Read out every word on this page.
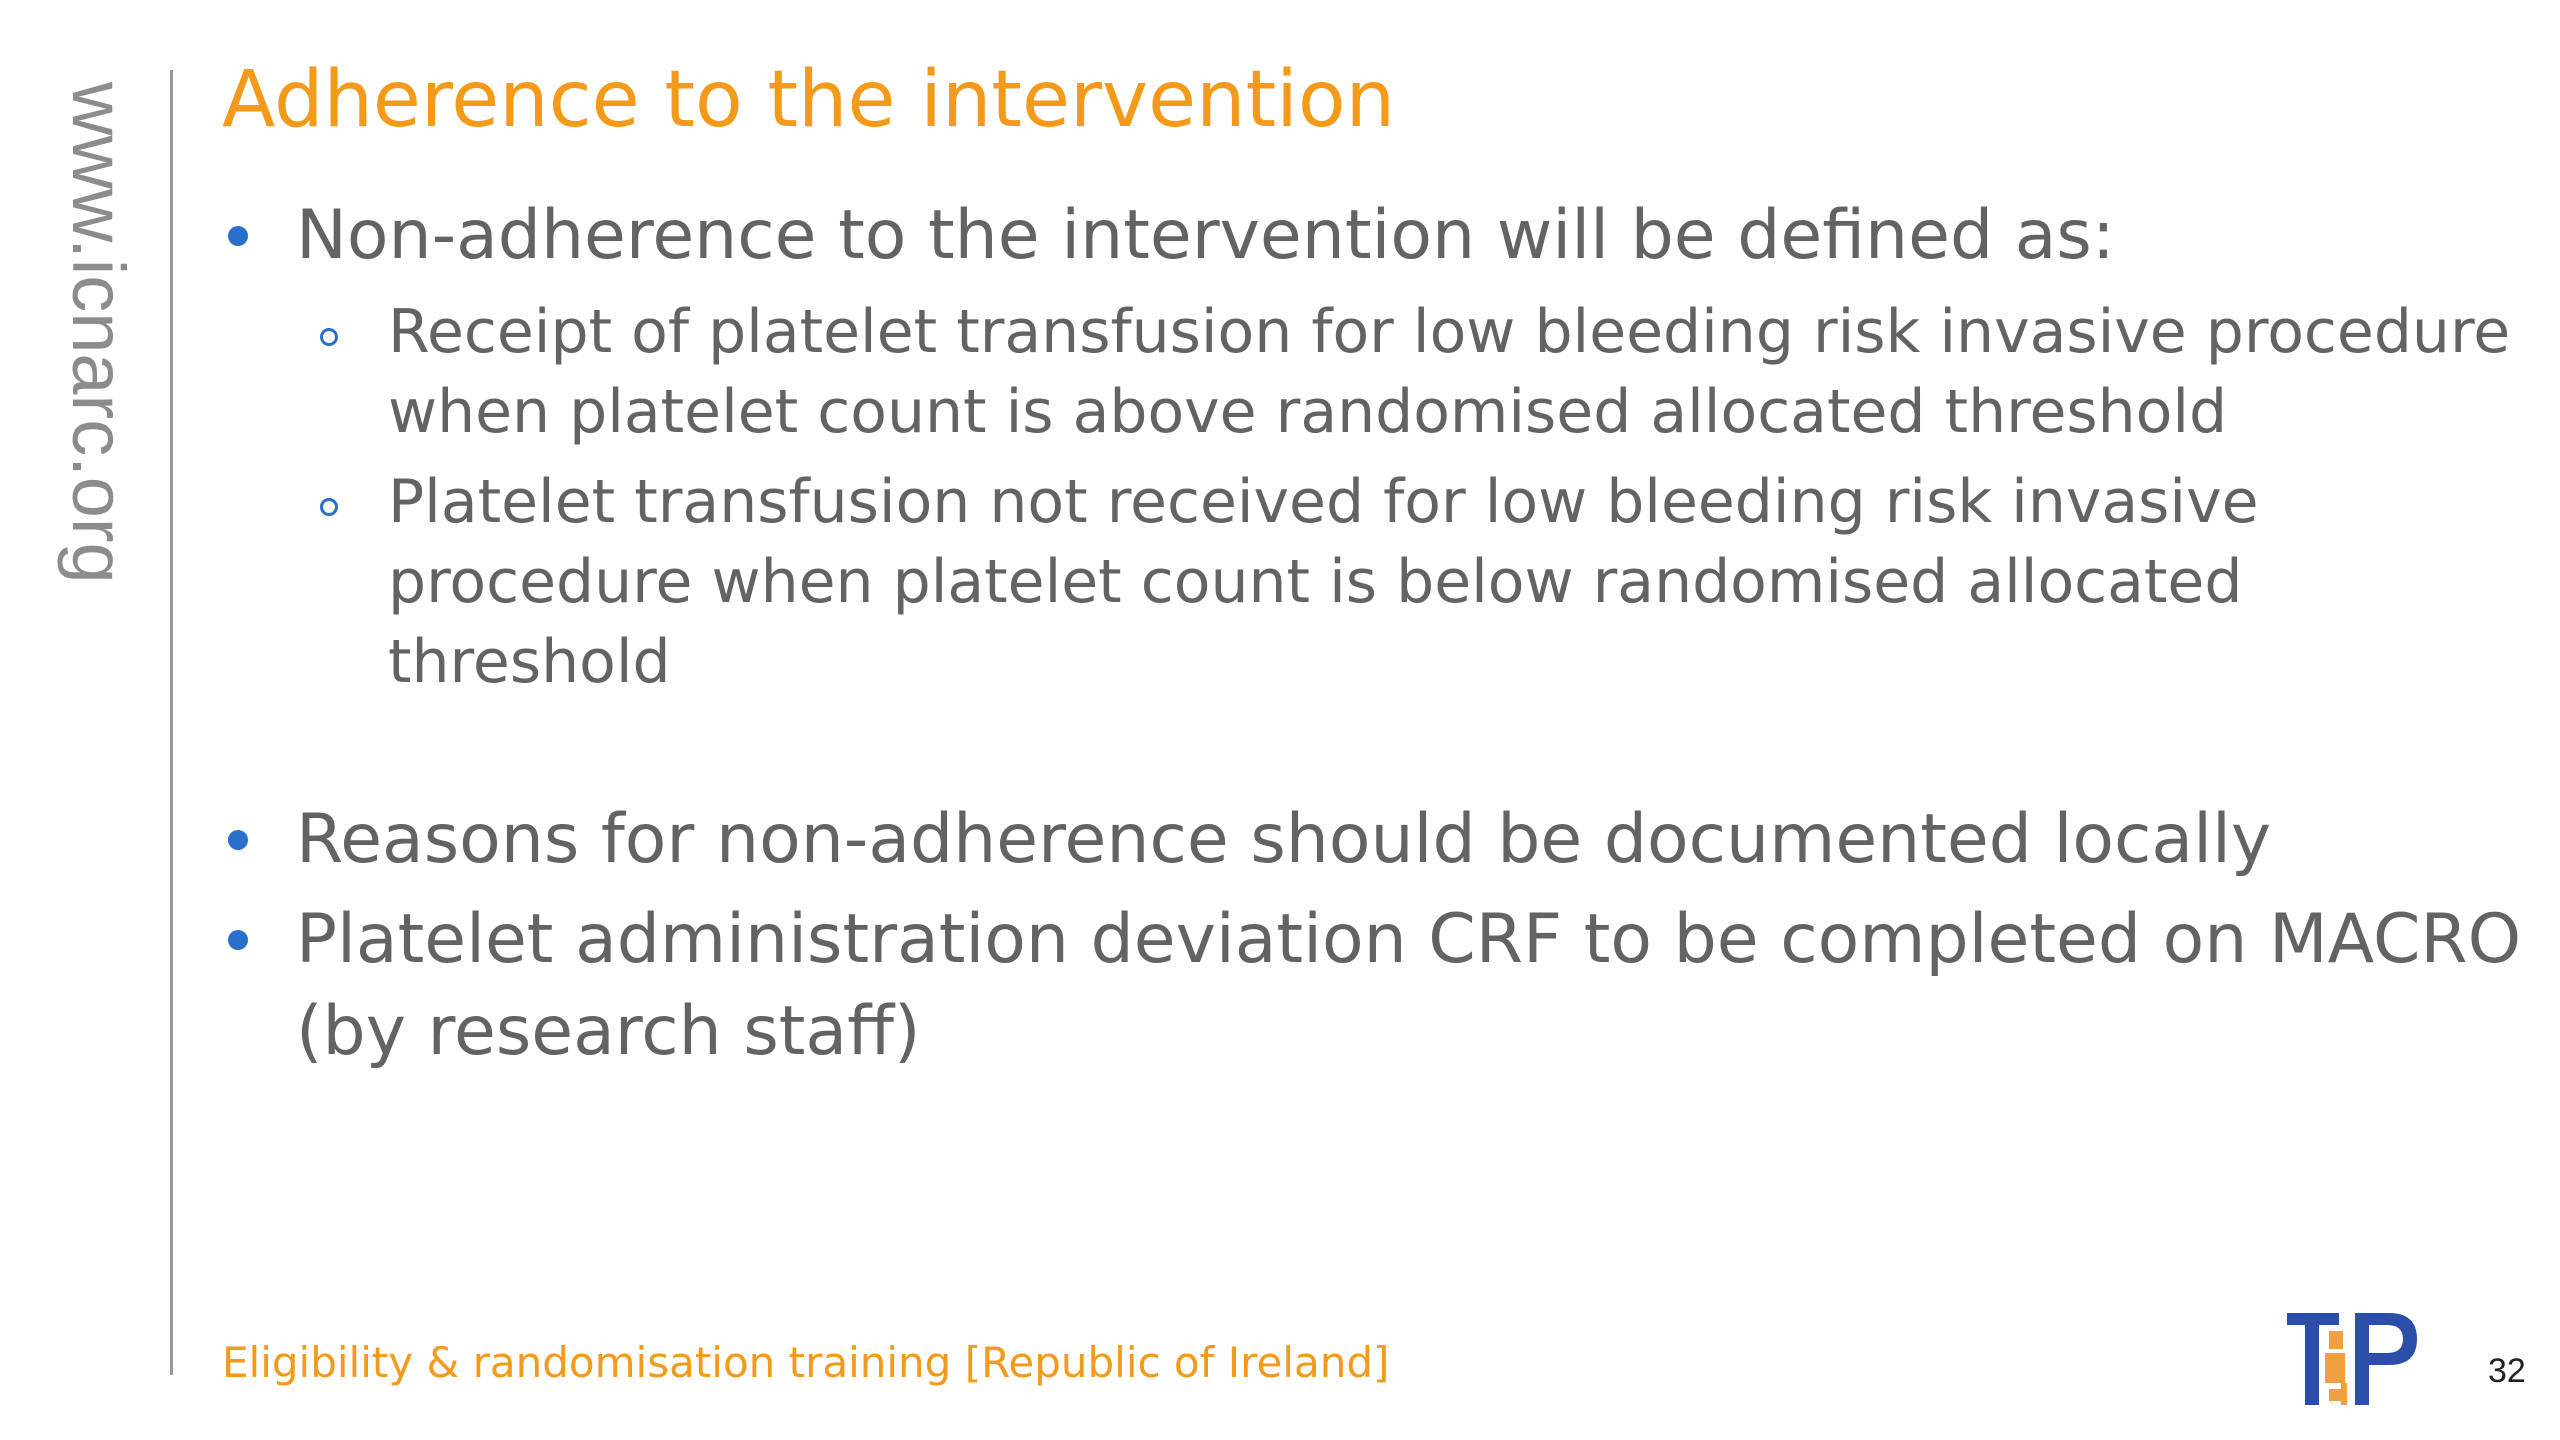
www.icnarc.org Adherence to the intervention
Non-adherence to the intervention will be defined as:
Receipt of platelet transfusion for low bleeding risk invasive procedure when platelet count is above randomised allocated threshold
Platelet transfusion not received for low bleeding risk invasive procedure when platelet count is below randomised allocated threshold
Reasons for non-adherence should be documented locally
Platelet administration deviation CRF to be completed on MACRO (by research staff)
Eligibility & randomisation training [Republic of Ireland]	32
